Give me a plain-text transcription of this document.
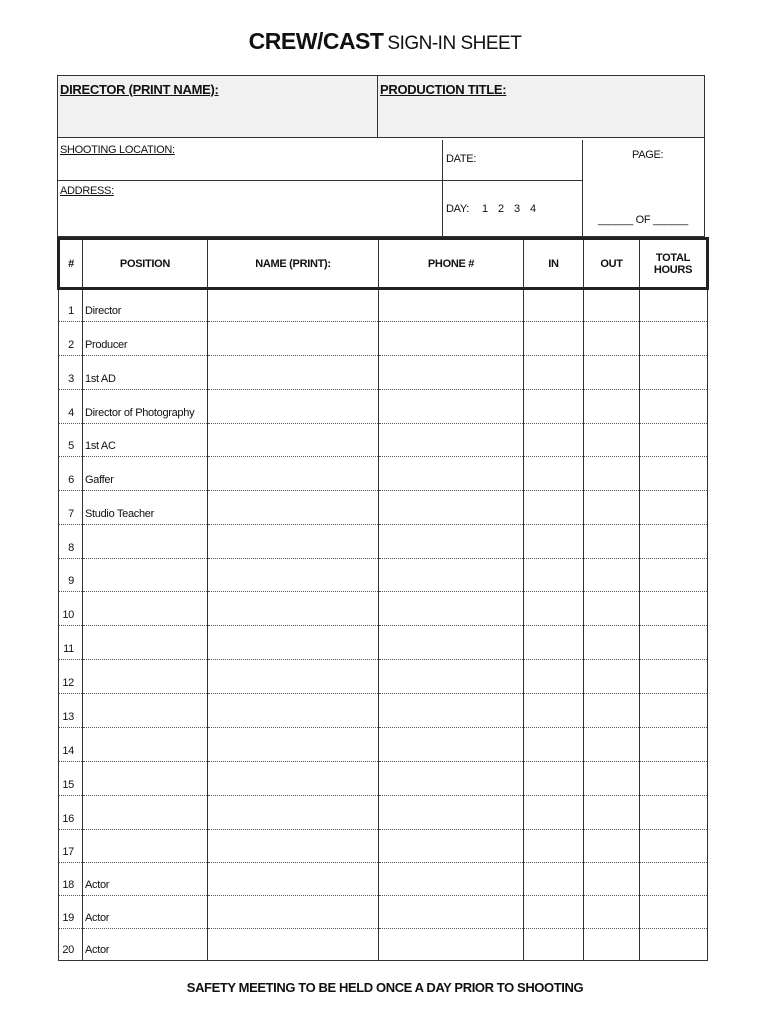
CREW/CAST SIGN-IN SHEET
DIRECTOR (PRINT NAME):	PRODUCTION TITLE:
SHOOTING LOCATION:
ADDRESS:
DATE:
DAY: 1 2 3 4
PAGE:
______ OF ______
#	POSITION	NAME (PRINT):	PHONE #	IN	OUT	TOTAL HOURS
1	Director					
2	Producer					
3	1st AD					
4	Director of Photography					
5	1st AC					
6	Gaffer					
7	Studio Teacher					
8						
9						
10						
11						
12						
13						
14						
15						
16						
17						
18	Actor					
19	Actor					
20	Actor					
SAFETY MEETING TO BE HELD ONCE A DAY PRIOR TO SHOOTING
